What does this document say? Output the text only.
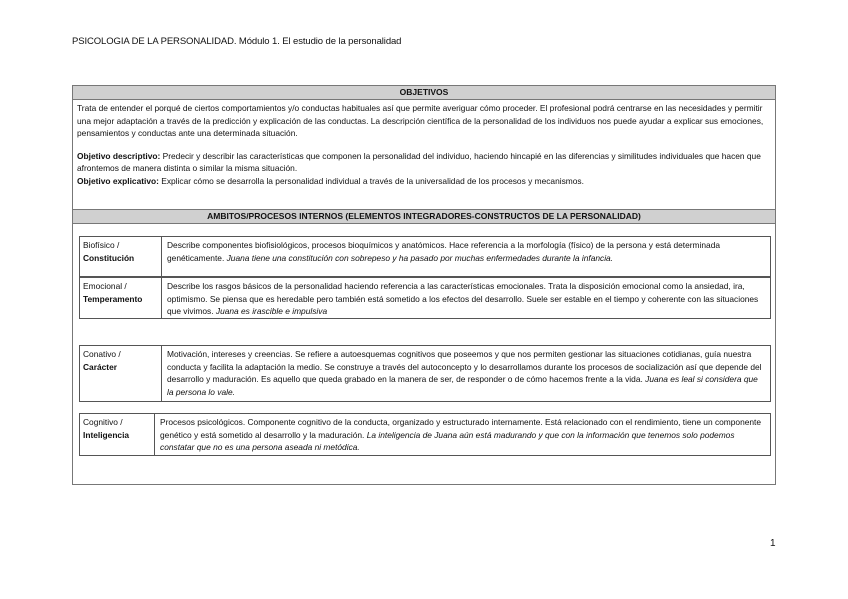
PSICOLOGIA DE LA PERSONALIDAD. Módulo 1. El estudio de la personalidad
OBJETIVOS

Trata de entender el porqué de ciertos comportamientos y/o conductas habituales así que permite averiguar cómo proceder. El profesional podrá centrarse en las necesidades y permitir una mejor adaptación a través de la predicción y explicación de las conductas. La descripción científica de la personalidad de los individuos nos puede ayudar a explicar sus emociones, pensamientos y conductas ante una determinada situación.

Objetivo descriptivo: Predecir y describir las características que componen la personalidad del individuo, haciendo hincapié en las diferencias y similitudes individuales que hacen que afrontemos de manera distinta o similar la misma situación.

Objetivo explicativo: Explicar cómo se desarrolla la personalidad individual a través de la universalidad de los procesos y mecanismos.

AMBITOS/PROCESOS INTERNOS (ELEMENTOS INTEGRADORES-CONSTRUCTOS DE LA PERSONALIDAD)
Biofísico /
Constitución
Describe componentes biofisiológicos, procesos bioquímicos y anatómicos. Hace referencia a la morfología (físico) de la persona y está determinada genéticamente. Juana tiene una constitución con sobrepeso y ha pasado por muchas enfermedades durante la infancia.
Emocional /
Temperamento
Describe los rasgos básicos de la personalidad haciendo referencia a las características emocionales. Trata la disposición emocional como la ansiedad, ira, optimismo. Se piensa que es heredable pero también está sometido a los efectos del desarrollo. Suele ser estable en el tiempo y coherente con las situaciones que vivimos. Juana es irascible e impulsiva
Conativo /
Carácter
Motivación, intereses y creencias. Se refiere a autoesquemas cognitivos que poseemos y que nos permiten gestionar las situaciones cotidianas, guía nuestra conducta y facilita la adaptación la medio. Se construye a través del autoconcepto y lo desarrollamos durante los procesos de socialización así que depende del desarrollo y maduración. Es aquello que queda grabado en la manera de ser, de responder o de cómo hacemos frente a la vida. Juana es leal si considera que la persona lo vale.
Cognitivo /
Inteligencia
Procesos psicológicos. Componente cognitivo de la conducta, organizado y estructurado internamente. Está relacionado con el rendimiento, tiene un componente genético y está sometido al desarrollo y la maduración. La inteligencia de Juana aún está madurando y que con la información que tenemos solo podemos constatar que no es una persona aseada ni metódica.
1
